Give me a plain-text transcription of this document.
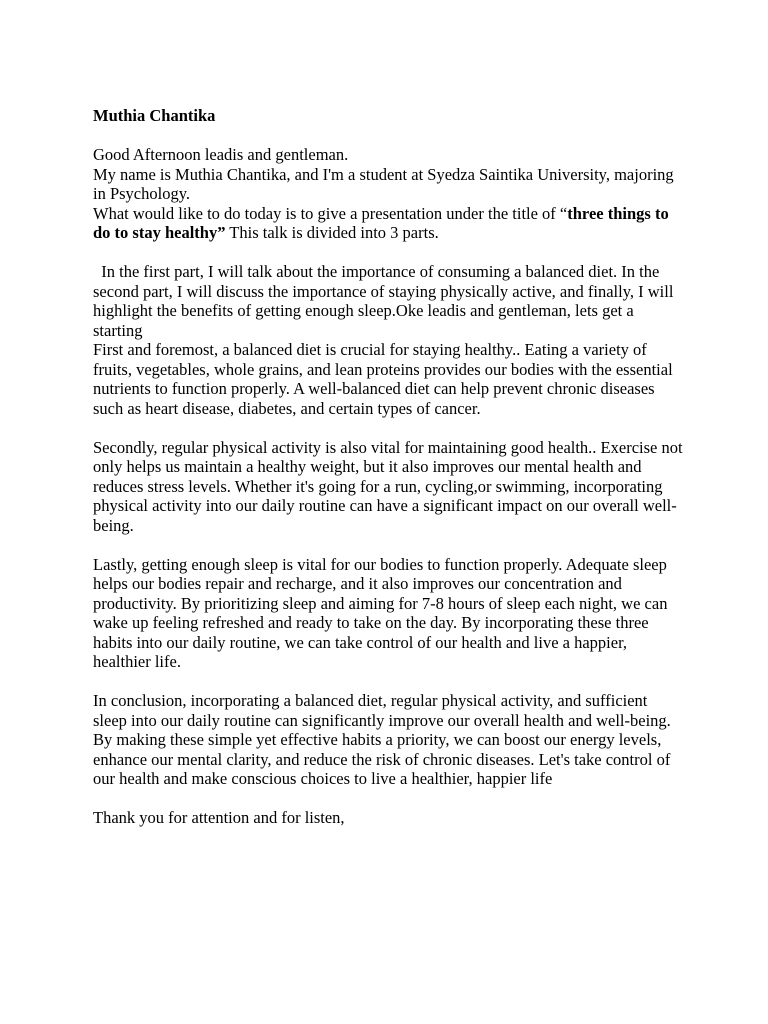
Muthia Chantika

Good Afternoon leadis and gentleman.

My name is Muthia Chantika, and I'm a student at Syedza Saintika University, majoring in Psychology.

What would like to do today is to give a presentation under the title of “three things to do to stay healthy” This talk is divided into 3 parts.

In the first part, I will talk about the importance of consuming a balanced diet. In the second part, I will discuss the importance of staying physically active, and finally, I will highlight the benefits of getting enough sleep.Oke leadis and gentleman, lets get a starting

First and foremost, a balanced diet is crucial for staying healthy.. Eating a variety of fruits, vegetables, whole grains, and lean proteins provides our bodies with the essential nutrients to function properly. A well-balanced diet can help prevent chronic diseases such as heart disease, diabetes, and certain types of cancer.

Secondly, regular physical activity is also vital for maintaining good health.. Exercise not only helps us maintain a healthy weight, but it also improves our mental health and reduces stress levels. Whether it's going for a run, cycling,or swimming, incorporating physical activity into our daily routine can have a significant impact on our overall well-being.

Lastly, getting enough sleep is vital for our bodies to function properly. Adequate sleep helps our bodies repair and recharge, and it also improves our concentration and productivity. By prioritizing sleep and aiming for 7-8 hours of sleep each night, we can wake up feeling refreshed and ready to take on the day. By incorporating these three habits into our daily routine, we can take control of our health and live a happier, healthier life.

In conclusion, incorporating a balanced diet, regular physical activity, and sufficient sleep into our daily routine can significantly improve our overall health and well-being. By making these simple yet effective habits a priority, we can boost our energy levels, enhance our mental clarity, and reduce the risk of chronic diseases. Let's take control of our health and make conscious choices to live a healthier, happier life

Thank you for attention and for listen,
